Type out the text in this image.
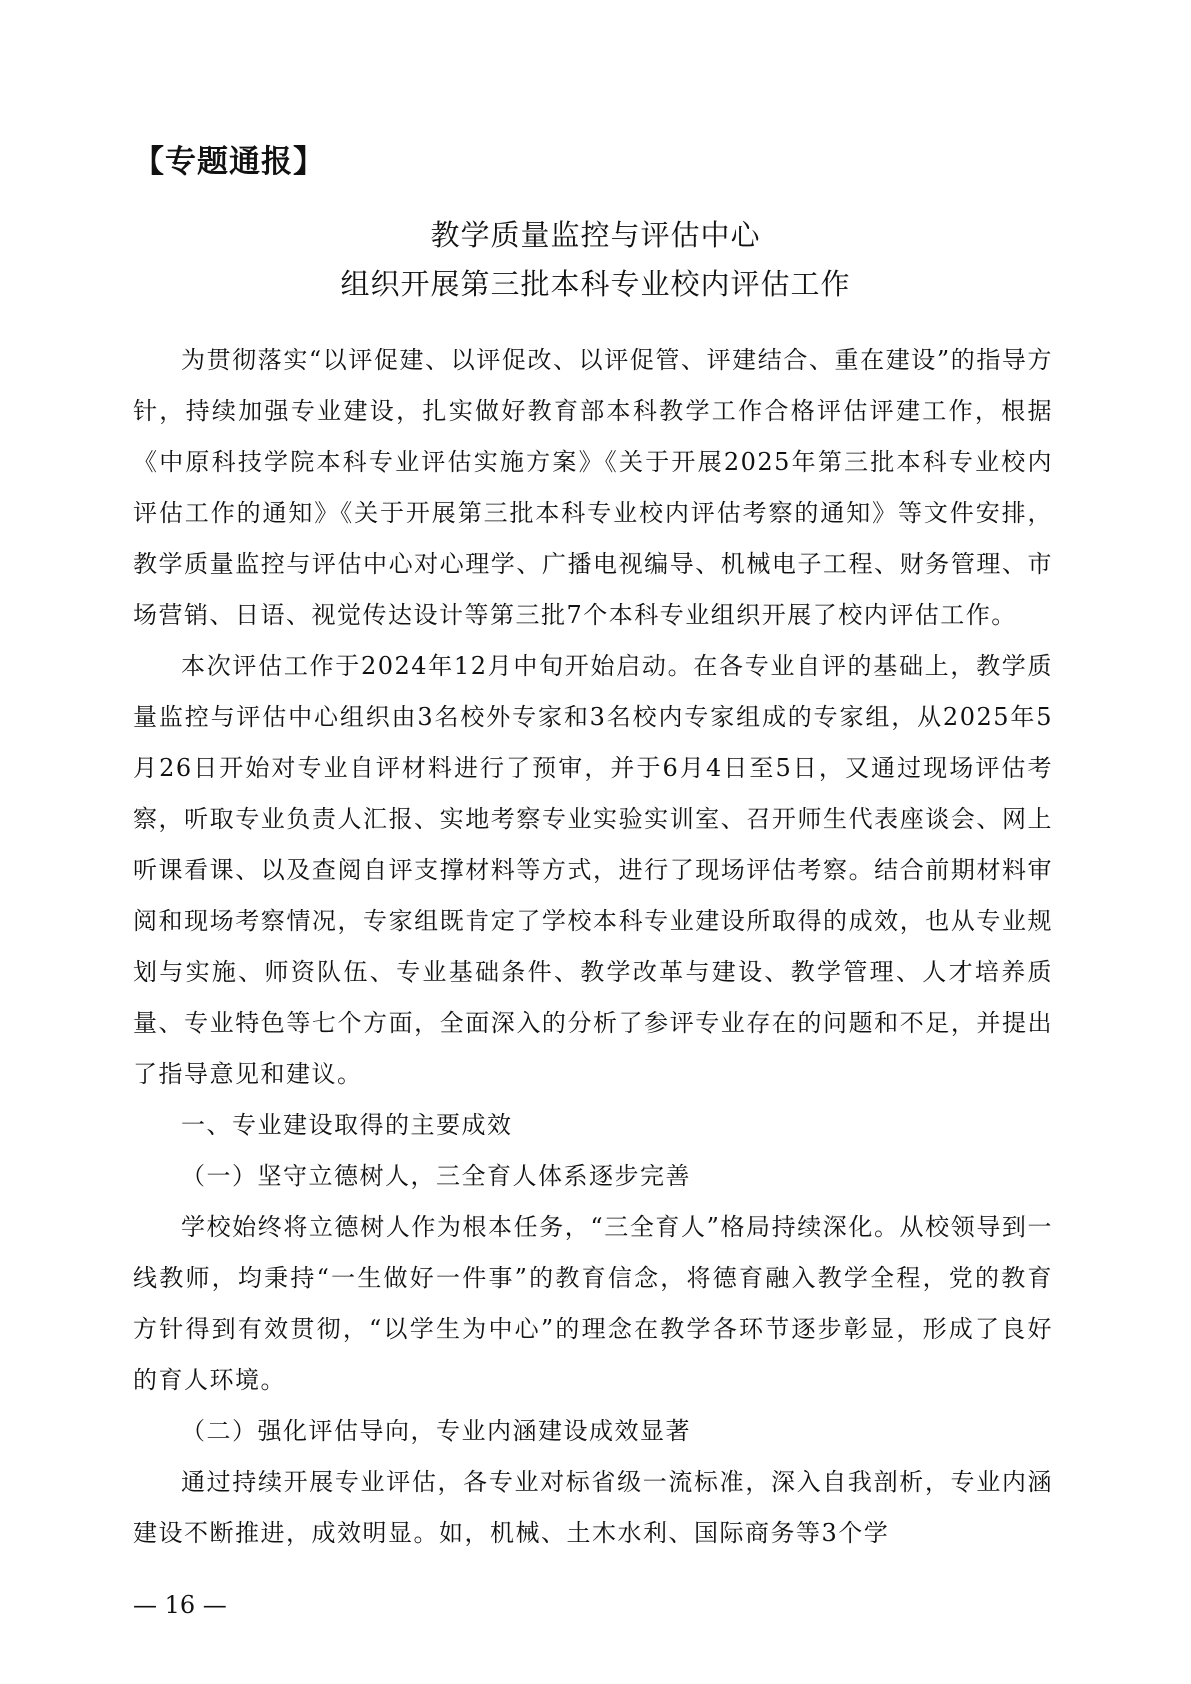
【专题通报】
教学质量监控与评估中心
组织开展第三批本科专业校内评估工作

为贯彻落实“以评促建、以评促改、以评促管、评建结合、重在建设”的指导方针，持续加强专业建设，扎实做好教育部本科教学工作合格评估评建工作，根据《中原科技学院本科专业评估实施方案》《关于开展2025年第三批本科专业校内评估工作的通知》《关于开展第三批本科专业校内评估考察的通知》等文件安排，教学质量监控与评估中心对心理学、广播电视编导、机械电子工程、财务管理、市场营销、日语、视觉传达设计等第三批7个本科专业组织开展了校内评估工作。

本次评估工作于2024年12月中旬开始启动。在各专业自评的基础上，教学质量监控与评估中心组织由3名校外专家和3名校内专家组成的专家组，从2025年5月26日开始对专业自评材料进行了预审，并于6月4日至5日，又通过现场评估考察，听取专业负责人汇报、实地考察专业实验实训室、召开师生代表座谈会、网上听课看课、以及查阅自评支撑材料等方式，进行了现场评估考察。结合前期材料审阅和现场考察情况，专家组既肯定了学校本科专业建设所取得的成效，也从专业规划与实施、师资队伍、专业基础条件、教学改革与建设、教学管理、人才培养质量、专业特色等七个方面，全面深入的分析了参评专业存在的问题和不足，并提出了指导意见和建议。

一、专业建设取得的主要成效

（一）坚守立德树人，三全育人体系逐步完善

学校始终将立德树人作为根本任务，“三全育人”格局持续深化。从校领导到一线教师，均秉持“一生做好一件事”的教育信念，将德育融入教学全程，党的教育方针得到有效贯彻，“以学生为中心”的理念在教学各环节逐步彰显，形成了良好的育人环境。

（二）强化评估导向，专业内涵建设成效显著

通过持续开展专业评估，各专业对标省级一流标准，深入自我剖析，专业内涵建设不断推进，成效明显。如，机械、土木水利、国际商务等3个学

— 16 —
